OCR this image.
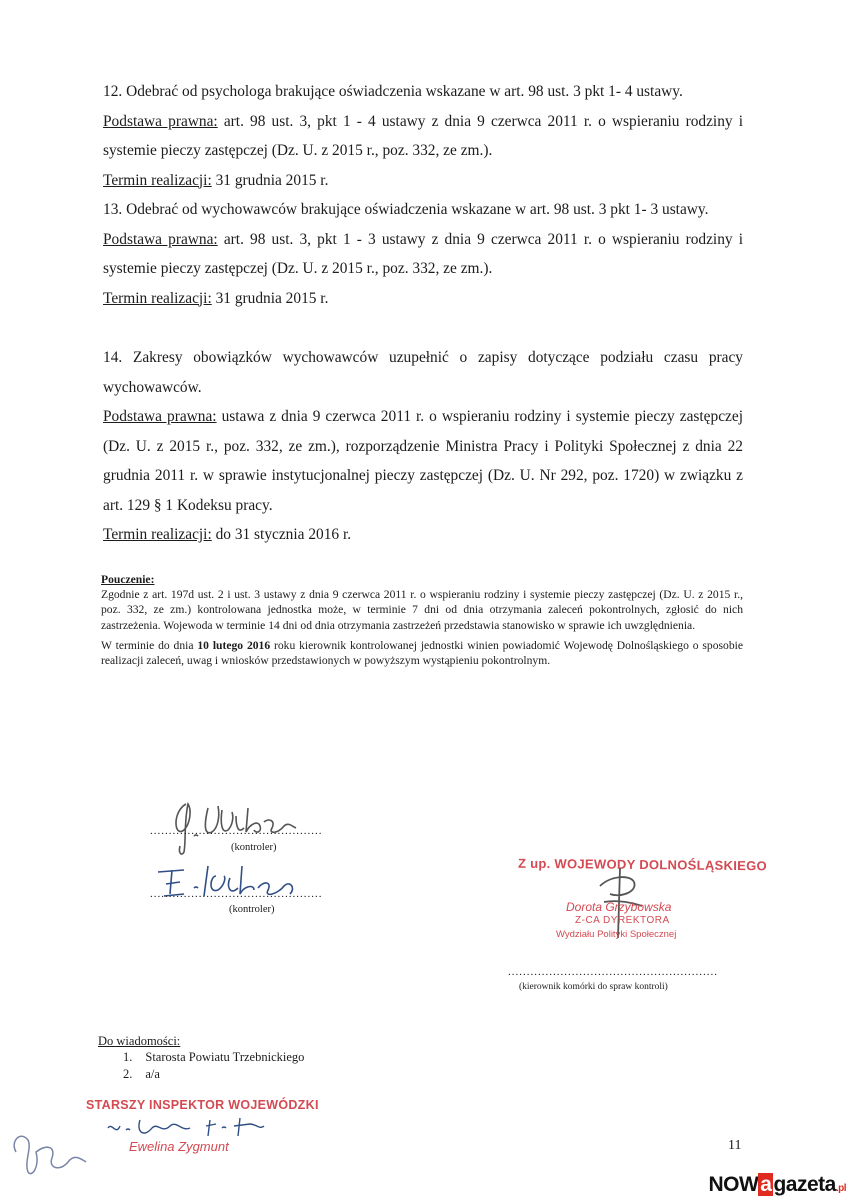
12. Odebrać od psychologa brakujące oświadczenia wskazane w art. 98 ust. 3 pkt 1- 4 ustawy.

Podstawa prawna: art. 98 ust. 3, pkt 1 - 4 ustawy z dnia 9 czerwca 2011 r. o wspieraniu rodziny i systemie pieczy zastępczej (Dz. U. z 2015 r., poz. 332, ze zm.).

Termin realizacji: 31 grudnia 2015 r.

13. Odebrać od wychowawców brakujące oświadczenia wskazane w art. 98 ust. 3 pkt 1- 3 ustawy.

Podstawa prawna: art. 98 ust. 3, pkt 1 - 3 ustawy z dnia 9 czerwca 2011 r. o wspieraniu rodziny i systemie pieczy zastępczej (Dz. U. z 2015 r., poz. 332, ze zm.).

Termin realizacji: 31 grudnia 2015 r.

14. Zakresy obowiązków wychowawców uzupełnić o zapisy dotyczące podziału czasu pracy wychowawców.

Podstawa prawna: ustawa z dnia 9 czerwca 2011 r. o wspieraniu rodziny i systemie pieczy zastępczej (Dz. U. z 2015 r., poz. 332, ze zm.), rozporządzenie Ministra Pracy i Polityki Społecznej z dnia 22 grudnia 2011 r. w sprawie instytucjonalnej pieczy zastępczej (Dz. U. Nr 292, poz. 1720) w związku z art. 129 § 1 Kodeksu pracy.

Termin realizacji: do 31 stycznia 2016 r.

Pouczenie:

Zgodnie z art. 197d ust. 2 i ust. 3 ustawy z dnia 9 czerwca 2011 r. o wspieraniu rodziny i systemie pieczy zastępczej (Dz. U. z 2015 r., poz. 332, ze zm.) kontrolowana jednostka może, w terminie 7 dni od dnia otrzymania zaleceń pokontrolnych, zgłosić do nich zastrzeżenia. Wojewoda w terminie 14 dni od dnia otrzymania zastrzeżeń przedstawia stanowisko w sprawie ich uwzględnienia.

W terminie do dnia 10 lutego 2016 roku kierownik kontrolowanej jednostki winien powiadomić Wojewodę Dolnośląskiego o sposobie realizacji zaleceń, uwag i wniosków przedstawionych w powyższym wystąpieniu pokontrolnym.

..............................................
(kontroler)
..............................................
(kontroler)
Z up. WOJEWODY DOLNOŚLĄSKIEGO
Dorota Grzybowska
Z-CA DYREKTORA
Wydziału Polityki Społecznej
........................................................
(kierownik komórki do spraw kontroli)
Do wiadomości:
1. Starosta Powiatu Trzebnickiego
2. a/a
STARSZY INSPEKTOR WOJEWÓDZKI
Ewelina Zygmunt	11
NOWagazeta.pl
